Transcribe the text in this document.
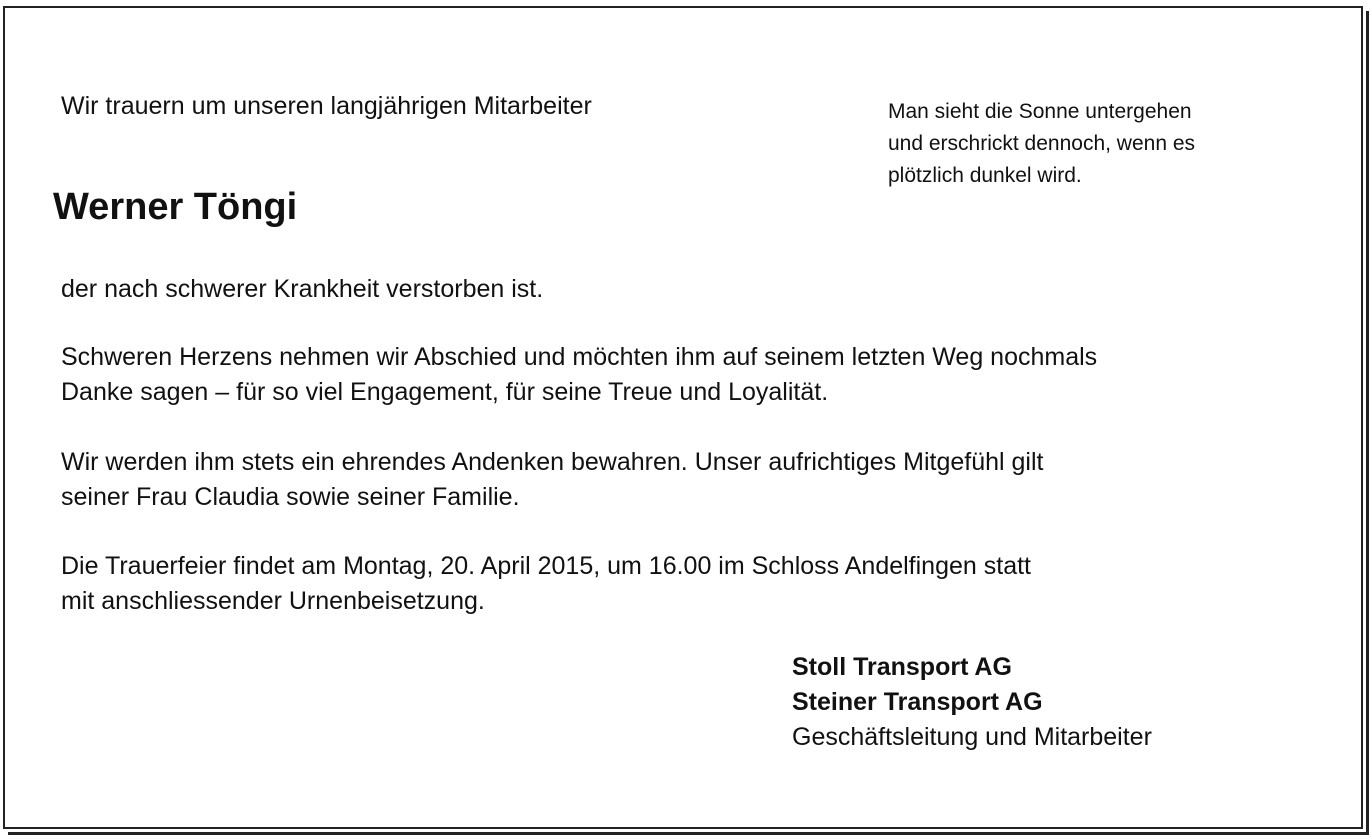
Wir trauern um unseren langjährigen Mitarbeiter	Man sieht die Sonne untergehen
und erschrickt dennoch, wenn es
plötzlich dunkel wird.
Werner Töngi
der nach schwerer Krankheit verstorben ist.
Schweren Herzens nehmen wir Abschied und möchten ihm auf seinem letzten Weg nochmals
Danke sagen – für so viel Engagement, für seine Treue und Loyalität.
Wir werden ihm stets ein ehrendes Andenken bewahren. Unser aufrichtiges Mitgefühl gilt
seiner Frau Claudia sowie seiner Familie.
Die Trauerfeier findet am Montag, 20. April 2015, um 16.00 im Schloss Andelfingen statt
mit anschliessender Urnenbeisetzung.
Stoll Transport AG
Steiner Transport AG
Geschäftsleitung und Mitarbeiter
